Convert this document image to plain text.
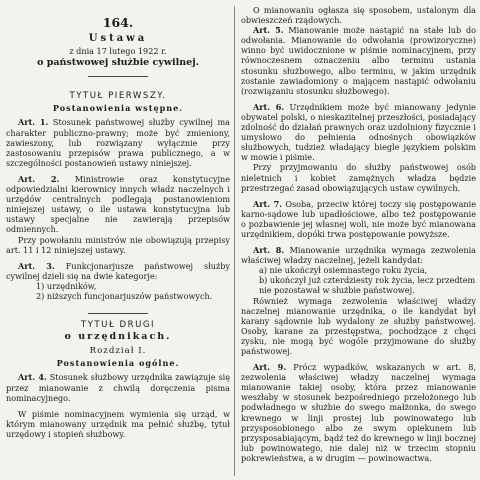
164.

Ustawa

z dnia 17 lutego 1922 r.

o państwowej służbie cywilnej.

TYTUŁ PIERWSZY.

Postanowienia wstępne.

Art. 1. Stosunek państwowej służby cywilnej ma charakter publiczno-prawny; może być zmieniony, zawieszony, lub rozwiązany wyłącznie przy zastosowaniu przepisów prawa publicznego, a w szczególności postanowień ustawy niniejszej.

Art. 2. Ministrowie oraz konstytucyjne odpowiedzialni kierownicy innych władz naczelnych i urzędów centralnych podlegają postanowieniom niniejszej ustawy, o ile ustawa konstytucyjna lub ustawy specjalne nie zawierają przepisów odmiennych.

Przy powołaniu ministrów nie obowiązują przepisy art. 11 i 12 niniejszej ustawy.

Art. 3. Funkcjonarjusze państwowej służby cywilnej dzieli się na dwie kategorje:

1) urzędników,
2) niższych funcjonarjuszów państwowych.

TYTUŁ DRUGI

o urzędnikach.

Rozdział I.

Postanowienia ogólne.

Art. 4. Stosunek służbowy urzędnika zawiązuje się przez mianowanie z chwilą doręczenia pisma nominacyjnego.

W piśmie nominacyjnem wymienia się urząd, w którym mianowany urzędnik ma pełnić służbę, tytuł urzędowy i stopień służbowy.

O mianowaniu ogłasza się sposobem, ustalonym dla obwieszczeń rządowych.

Art. 5. Mianowanie może nastąpić na stałe lub do odwołania. Mianowanie do odwołania (prowizoryczne) winno być uwidocznione w piśmie nominacyjnem, przy równoczesnem oznaczeniu albo terminu ustania stosunku służbowego, albo terminu, w jakim urzędnik zostanie zawiadomiony o mającem nastąpić odwołaniu (rozwiązaniu stosunku służbowego).

Art. 6. Urzędnikiem może być mianowany jedynie obywatel polski, o nieskazitelnej przeszłości, posiadający zdolność do działań prawnych oraz uzdolniony fizycznie i umysłowo do pełnienia odnośnych obowiązków służbowych, tudzież władający biegle językiem polskim w mowie i piśmie.

Przy przyjmowaniu do służby państwowej osób nieletnich i kobiet zamężnych władza będzie przestrzegać zasad obowiązujących ustaw cywilnych.

Art. 7. Osoba, przeciw której toczy się postępowanie karno-sądowe lub upadłościowe, albo też postępowanie o pozbawienie jej własnej woli, nie może być mianowana urzędnikiem, dopóki trwa postępowanie powyższe.

Art. 8. Mianowanie urzędnika wymaga zezwolenia właściwej władzy naczelnej, jeżeli kandydat:

a) nie ukończył osiemnastego roku życia,
b) ukończył już czterdziesty rok życia, lecz przedtem nie pozostawał w służbie państwowej.

Również wymaga zezwolenia właściwej władzy naczelnej mianowanie urzędnika, o ile kandydat był karany sądownie lub wydalony ze służby państwowej. Osoby, karane za przestępstwa, pochodzące z chęci zysku, nie mogą być wogóle przyjmowane do służby państwowej.

Art. 9. Prócz wypadków, wskazanych w art. 8, zezwolenia właściwej władzy naczelnej wymaga mianowanie takiej osoby, która przez mianowanie weszłaby w stosunek bezpośredniego przełożonego lub podwładnego w służbie do swego małżonka, do swego krewnego w linji prostej lub powinowatego lub przysposobionego albo ze swym opiekunem lub przysposabiającym, bądź też do krewnego w linji bocznej lub powinowatego, nie dalej niż w trzecim stopniu pokrewieństwa, a w drugim — powinowactwa.
